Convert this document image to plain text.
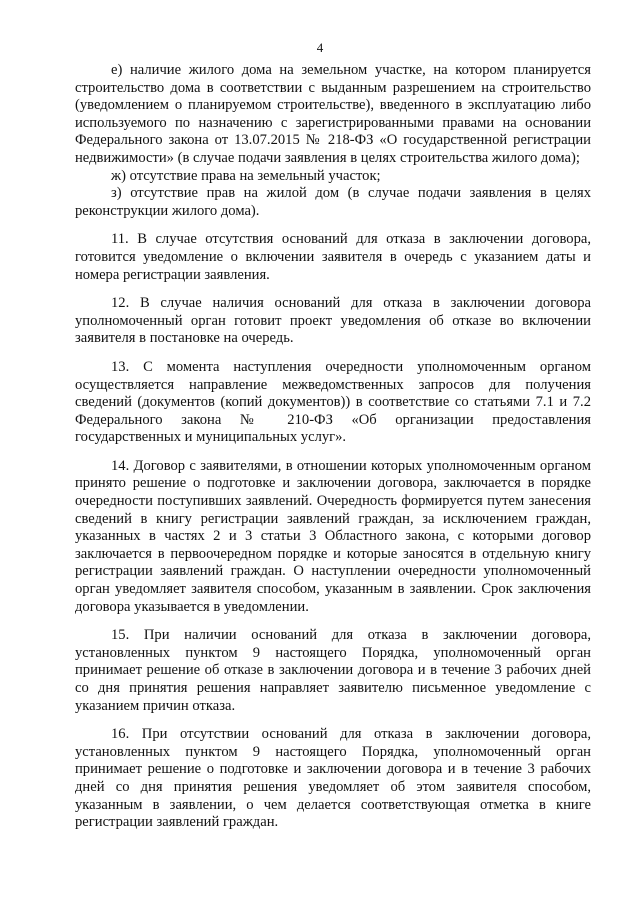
4

е) наличие жилого дома на земельном участке, на котором планируется строительство дома в соответствии с выданным разрешением на строительство (уведомлением о планируемом строительстве), введенного в эксплуатацию либо используемого по назначению с зарегистрированными правами на основании Федерального закона от 13.07.2015 № 218-ФЗ «О государственной регистрации недвижимости» (в случае подачи заявления в целях строительства жилого дома);

ж) отсутствие права на земельный участок;

з) отсутствие прав на жилой дом (в случае подачи заявления в целях реконструкции жилого дома).

11. В случае отсутствия оснований для отказа в заключении договора, готовится уведомление о включении заявителя в очередь с указанием даты и номера регистрации заявления.

12. В случае наличия оснований для отказа в заключении договора уполномоченный орган готовит проект уведомления об отказе во включении заявителя в постановке на очередь.

13. С момента наступления очередности уполномоченным органом осуществляется направление межведомственных запросов для получения сведений (документов (копий документов)) в соответствие со статьями 7.1 и 7.2 Федерального закона № 210-ФЗ «Об организации предоставления государственных и муниципальных услуг».

14. Договор с заявителями, в отношении которых уполномоченным органом принято решение о подготовке и заключении договора, заключается в порядке очередности поступивших заявлений. Очередность формируется путем занесения сведений в книгу регистрации заявлений граждан, за исключением граждан, указанных в частях 2 и 3 статьи 3 Областного закона, с которыми договор заключается в первоочередном порядке и которые заносятся в отдельную книгу регистрации заявлений граждан. О наступлении очередности уполномоченный орган уведомляет заявителя способом, указанным в заявлении. Срок заключения договора указывается в уведомлении.

15. При наличии оснований для отказа в заключении договора, установленных пунктом 9 настоящего Порядка, уполномоченный орган принимает решение об отказе в заключении договора и в течение 3 рабочих дней со дня принятия решения направляет заявителю письменное уведомление с указанием причин отказа.

16. При отсутствии оснований для отказа в заключении договора, установленных пунктом 9 настоящего Порядка, уполномоченный орган принимает решение о подготовке и заключении договора и в течение 3 рабочих дней со дня принятия решения уведомляет об этом заявителя способом, указанным в заявлении, о чем делается соответствующая отметка в книге регистрации заявлений граждан.
